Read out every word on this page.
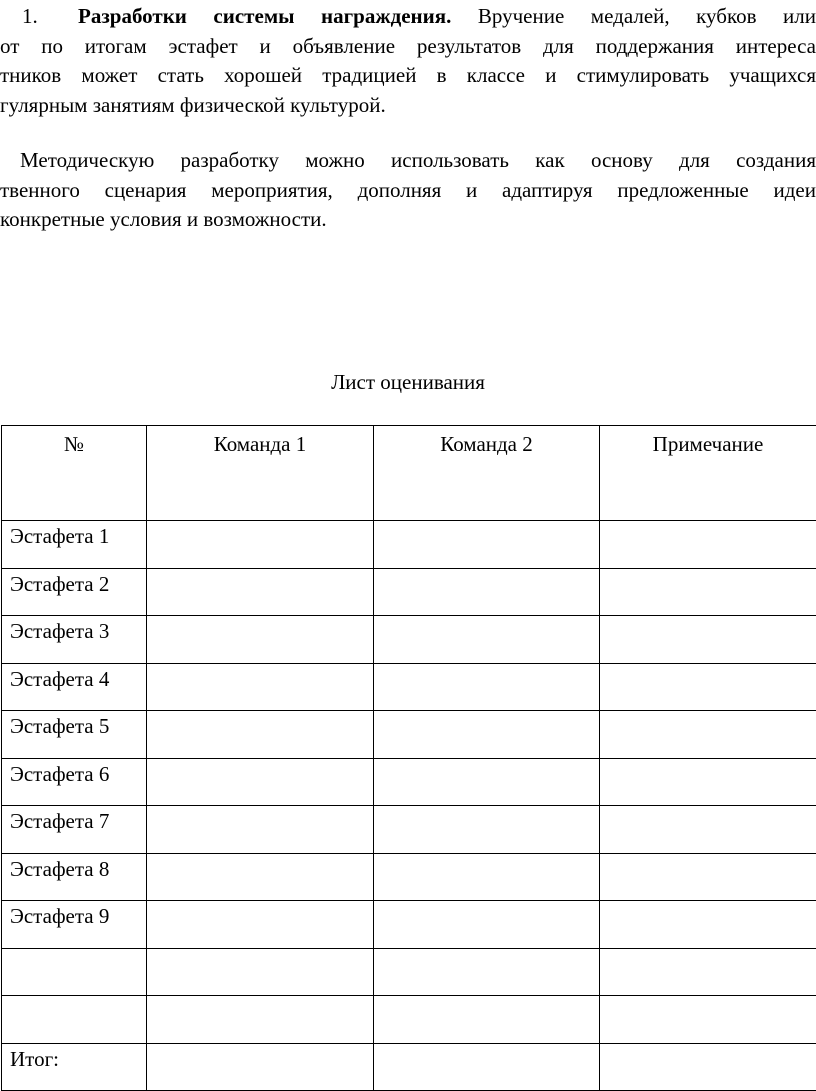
1. Разработки системы награждения. Вручение медалей, кубков или
от по итогам эстафет и объявление результатов для поддержания интереса
тников может стать хорошей традицией в классе и стимулировать учащихся
гулярным занятиям физической культурой.
Методическую разработку можно использовать как основу для создания
твенного сценария мероприятия, дополняя и адаптируя предложенные идеи
конкретные условия и возможности.
Лист оценивания
№	Команда 1	Команда 2	Примечание
Эстафета 1			
Эстафета 2			
Эстафета 3			
Эстафета 4			
Эстафета 5			
Эстафета 6			
Эстафета 7			
Эстафета 8			
Эстафета 9			

Итог:			
